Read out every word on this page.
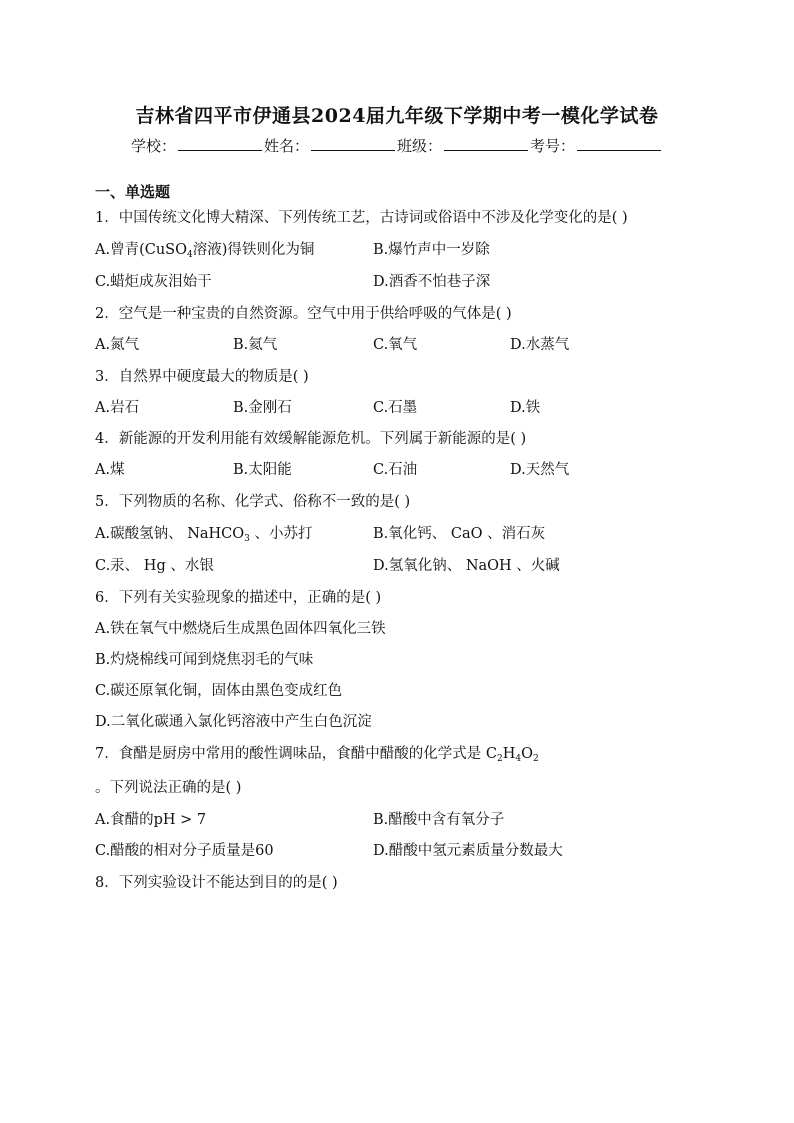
吉林省四平市伊通县2024届九年级下学期中考一模化学试卷
学校：	姓名：	班级：	考号：
一、单选题
1．中国传统文化博大精深、下列传统工艺，古诗词或俗语中不涉及化学变化的是( )
A.曾青(CuSO$_4$溶液)得铁则化为铜	B.爆竹声中一岁除
C.蜡炬成灰泪始干	D.酒香不怕巷子深
2．空气是一种宝贵的自然资源。空气中用于供给呼吸的气体是( )
A.氮气	B.氦气	C.氧气	D.水蒸气
3．自然界中硬度最大的物质是( )
A.岩石	B.金刚石	C.石墨	D.铁
4．新能源的开发利用能有效缓解能源危机。下列属于新能源的是( )
A.煤	B.太阳能	C.石油	D.天然气
5．下列物质的名称、化学式、俗称不一致的是( )
A.碳酸氢钠、 NaHCO$_3$ 、小苏打	B.氧化钙、 CaO 、消石灰
C.汞、 Hg 、水银	D.氢氧化钠、 NaOH 、火碱
6．下列有关实验现象的描述中，正确的是( )
A.铁在氧气中燃烧后生成黑色固体四氧化三铁
B.灼烧棉线可闻到烧焦羽毛的气味
C.碳还原氧化铜，固体由黑色变成红色
D.二氧化碳通入氯化钙溶液中产生白色沉淀
7．食醋是厨房中常用的酸性调味品，食醋中醋酸的化学式是 $C_2H_4O_2$
。下列说法正确的是( )
A.食醋的pH > 7	B.醋酸中含有氧分子
C.醋酸的相对分子质量是60	D.醋酸中氢元素质量分数最大
8．下列实验设计不能达到目的的是( )
